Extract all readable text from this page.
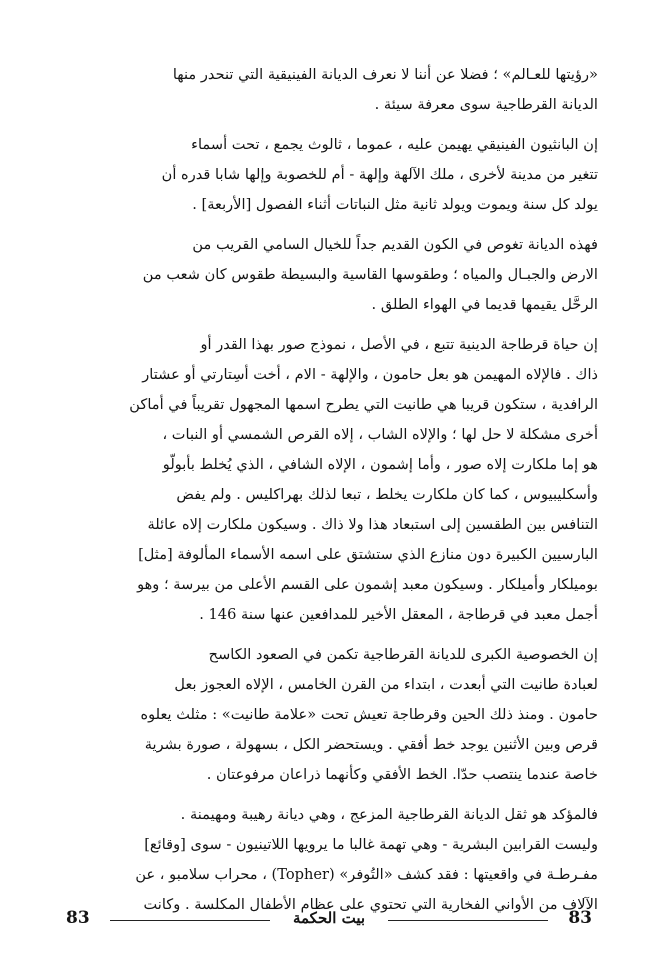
«رؤيتها للعـالم» ؛ فضلا عن أننا لا نعرف الديانة الفينيقية التي تنحدر منها
الديانة القرطاجية سوى معرفة سيئة .

إن البانثيون الفينيقي يهيمن عليه ، عموما ، ثالوث يجمع ، تحت أسماء
تتغير من مدينة لأخرى ، ملك الآلهة وإلهة - أم للخصوبة وإلها شابا قدره أن
يولد كل سنة ويموت ويولد ثانية مثل النباتات أثناء الفصول [الأربعة] .

فهذه الديانة تغوص في الكون القديم جداً للخيال السامي القريب من
الارض والجبـال والمياه ؛ وطقوسها القاسية والبسيطة طقوس كان شعب من
الرحَّل يقيمها قديما في الهواء الطلق .

إن حياة قرطاجة الدينية تتبع ، في الأصل ، نموذج صور بهذا القدر أو
ذاك . فالإلاه المهيمن هو بعل حامون ، والإلهة - الام ، أخت أسِتارتي أو عشتار
الرافدية ، ستكون قريبا هي طانيت التي يطرح اسمها المجهول تقريباً في أماكن
أخرى مشكلة لا حل لها ؛ والإلاه الشاب ، إلاه القرص الشمسي أو النبات ،
هو إما ملكارت إلاه صور ، وأما إشمون ، الإلاه الشافي ، الذي يُخلط بأبولّو
وأسكليبيوس ، كما كان ملكارت يخلط ، تبعا لذلك بهراكليس . ولم يفض
التنافس بين الطقسين إلى استبعاد هذا ولا ذاك . وسيكون ملكارت إلاه عائلة
البارسيين الكبيرة دون منازع الذي ستشتق على اسمه الأسماء المألوفة [مثل]
بوميلكار وأميلكار . وسيكون معبد إشمون على القسم الأعلى من بيرسة ؛ وهو
أجمل معبد في قرطاجة ، المعقل الأخير للمدافعين عنها سنة 146 .

إن الخصوصية الكبرى للديانة القرطاجية تكمن في الصعود الكاسح
لعبادة طانيت التي أبعدت ، ابتداء من القرن الخامس ، الإلاه العجوز بعل
حامون . ومنذ ذلك الحين وقرطاجة تعيش تحت «علامة طانيت» : مثلث يعلوه
قرص وبين الأثنين يوجد خط أفقي . ويستحضر الكل ، بسهولة ، صورة بشرية
خاصة عندما ينتصب حدّا. الخط الأفقي وكأنهما ذراعان مرفوعتان .

فالمؤكد هو ثقل الديانة القرطاجية المزعج ، وهي ديانة رهيبة ومهيمنة .
وليست القرابين البشرية - وهي تهمة غالبا ما يرويها اللاتينيون - سوى [وقائع]
مفـرطـة في واقعيتها : فقد كشف «التُوفر» (Topher) ، محراب سلامبو ، عن
الآلاف من الأواني الفخارية التي تحتوي على عظام الأطفال المكلسة . وكانت

83
بيت الحكمة
83
